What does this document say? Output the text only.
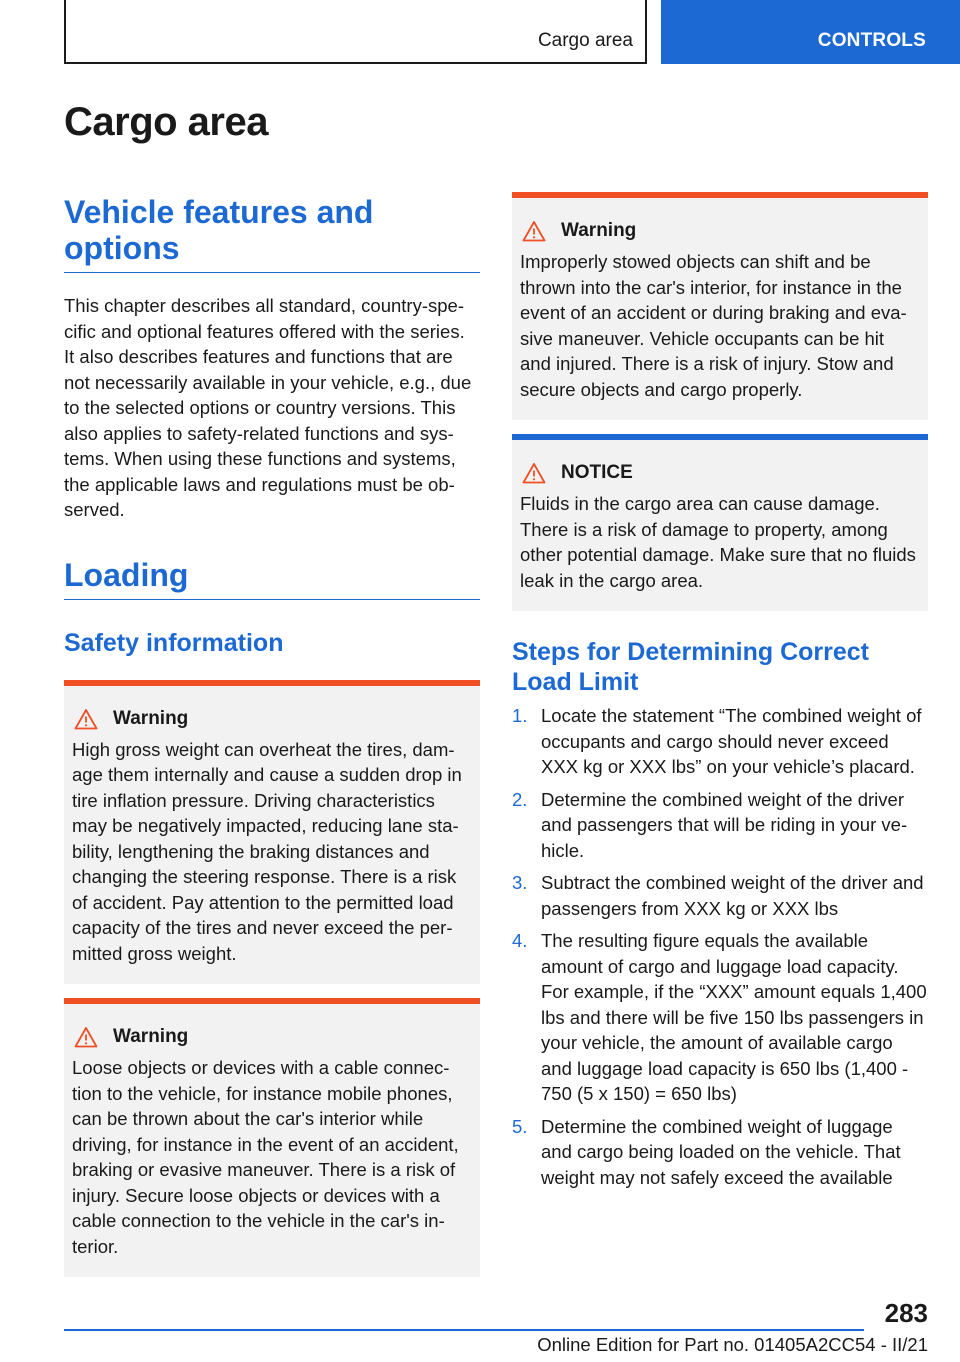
Cargo area	CONTROLS
Cargo area
Vehicle features and options

This chapter describes all standard, country-specific and optional features offered with the series. It also describes features and functions that are not necessarily available in your vehicle, e.g., due to the selected options or country versions. This also applies to safety-related functions and systems. When using these functions and systems, the applicable laws and regulations must be observed.

Loading
Safety information
Warning

High gross weight can overheat the tires, damage them internally and cause a sudden drop in tire inflation pressure. Driving characteristics may be negatively impacted, reducing lane stability, lengthening the braking distances and changing the steering response. There is a risk of accident. Pay attention to the permitted load capacity of the tires and never exceed the permitted gross weight.

Warning

Loose objects or devices with a cable connection to the vehicle, for instance mobile phones, can be thrown about the car's interior while driving, for instance in the event of an accident, braking or evasive maneuver. There is a risk of injury. Secure loose objects or devices with a cable connection to the vehicle in the car's interior.

Warning

Improperly stowed objects can shift and be thrown into the car's interior, for instance in the event of an accident or during braking and evasive maneuver. Vehicle occupants can be hit and injured. There is a risk of injury. Stow and secure objects and cargo properly.

NOTICE

Fluids in the cargo area can cause damage. There is a risk of damage to property, among other potential damage. Make sure that no fluids leak in the cargo area.

Steps for Determining Correct Load Limit
1. Locate the statement “The combined weight of occupants and cargo should never exceed XXX kg or XXX lbs” on your vehicle’s placard.
2. Determine the combined weight of the driver and passengers that will be riding in your vehicle.
3. Subtract the combined weight of the driver and passengers from XXX kg or XXX lbs
4. The resulting figure equals the available amount of cargo and luggage load capacity. For example, if the “XXX” amount equals 1,400 lbs and there will be five 150 lbs passengers in your vehicle, the amount of available cargo and luggage load capacity is 650 lbs (1,400 - 750 (5 x 150) = 650 lbs)
5. Determine the combined weight of luggage and cargo being loaded on the vehicle. That weight may not safely exceed the available
283
Online Edition for Part no. 01405A2CC54 - II/21
